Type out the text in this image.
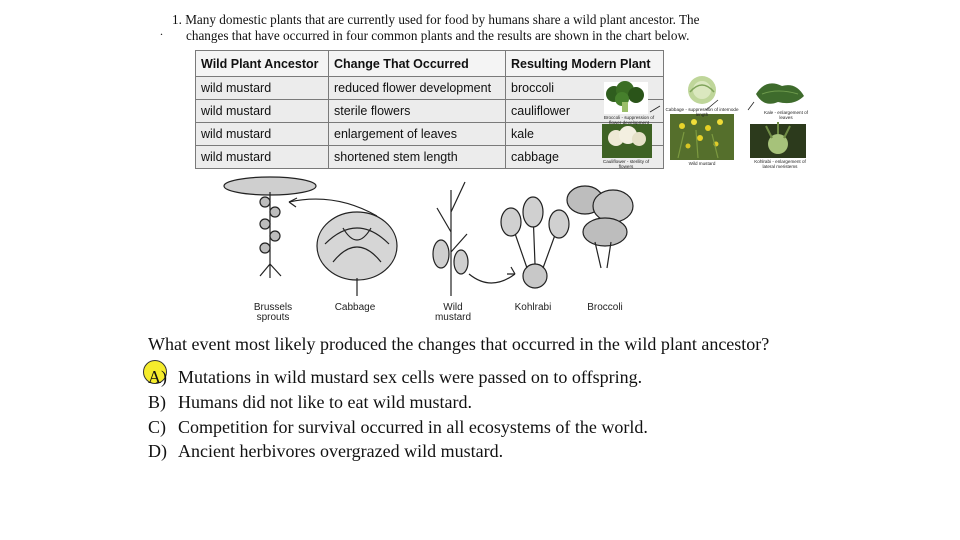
.
1. Many domestic plants that are currently used for food by humans share a wild plant ancestor. The
changes that have occurred in four common plants and the results are shown in the chart below.
Wild Plant Ancestor	Change That Occurred	Resulting Modern Plant
wild mustard	reduced flower development	broccoli
wild mustard	sterile flowers	cauliflower
wild mustard	enlargement of leaves	kale
wild mustard	shortened stem length	cabbage
Cabbage - suppression of internode length
Broccoli - suppression of flower development
Kale - enlargement of leaves
Cauliflower - sterility of flowers
Wild mustard	Kohlrabi - enlargement of lateral meristems
Brussels sprouts
Cabbage	Wild mustard
Kohlrabi	Broccoli
What event most likely produced the changes that occurred in the wild plant ancestor?
A) Mutations in wild mustard sex cells were passed on to offspring.
B) Humans did not like to eat wild mustard.
C) Competition for survival occurred in all ecosystems of the world.
D) Ancient herbivores overgrazed wild mustard.
